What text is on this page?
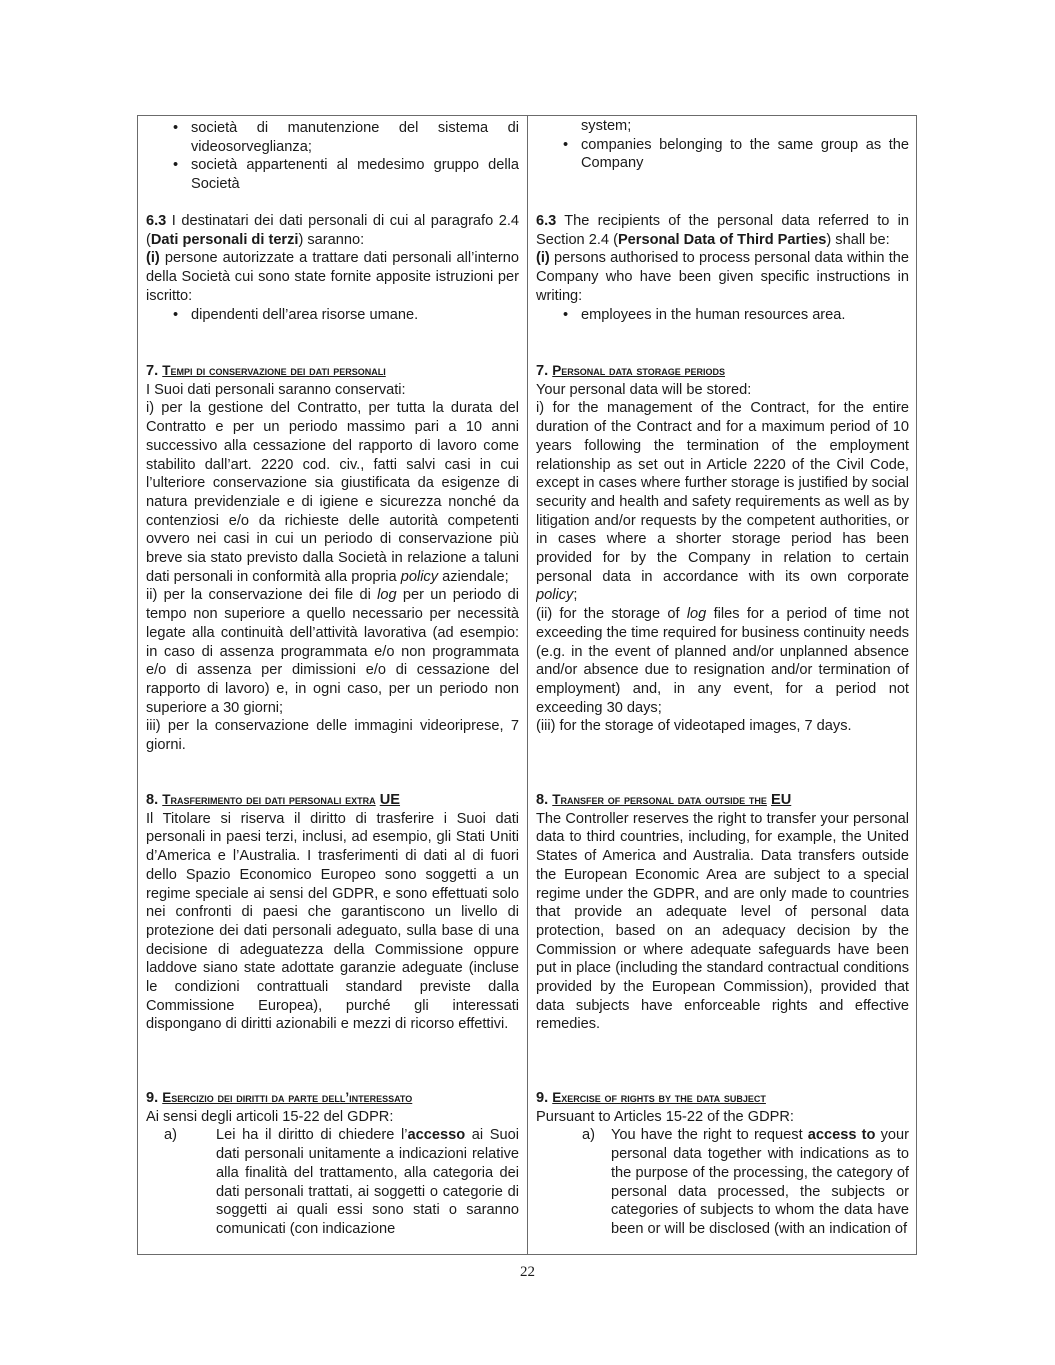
• società di manutenzione del sistema di videosorveglianza;
• società appartenenti al medesimo gruppo della Società

6.3 I destinatari dei dati personali di cui al paragrafo 2.4 (Dati personali di terzi) saranno:

(i) persone autorizzate a trattare dati personali all’interno della Società cui sono state fornite apposite istruzioni per iscritto:

• dipendenti dell’area risorse umane.

7. Tempi di conservazione dei dati personali

I Suoi dati personali saranno conservati:

i) per la gestione del Contratto, per tutta la durata del Contratto e per un periodo massimo pari a 10 anni successivo alla cessazione del rapporto di lavoro come stabilito dall’art. 2220 cod. civ., fatti salvi casi in cui l’ulteriore conservazione sia giustificata da esigenze di natura previdenziale e di igiene e sicurezza nonché da contenziosi e/o da richieste delle autorità competenti ovvero nei casi in cui un periodo di conservazione più breve sia stato previsto dalla Società in relazione a taluni dati personali in conformità alla propria policy aziendale;

ii) per la conservazione dei file di log per un periodo di tempo non superiore a quello necessario per necessità legate alla continuità dell’attività lavorativa (ad esempio: in caso di assenza programmata e/o non programmata e/o di assenza per dimissioni e/o di cessazione del rapporto di lavoro) e, in ogni caso, per un periodo non superiore a 30 giorni;

iii) per la conservazione delle immagini videoriprese, 7 giorni.

8. Trasferimento dei dati personali extra UE

Il Titolare si riserva il diritto di trasferire i Suoi dati personali in paesi terzi, inclusi, ad esempio, gli Stati Uniti d’America e l’Australia. I trasferimenti di dati al di fuori dello Spazio Economico Europeo sono soggetti a un regime speciale ai sensi del GDPR, e sono effettuati solo nei confronti di paesi che garantiscono un livello di protezione dei dati personali adeguato, sulla base di una decisione di adeguatezza della Commissione oppure laddove siano state adottate garanzie adeguate (incluse le condizioni contrattuali standard previste dalla Commissione Europea), purché gli interessati dispongano di diritti azionabili e mezzi di ricorso effettivi.

9. Esercizio dei diritti da parte dell’interessato

Ai sensi degli articoli 15-22 del GDPR:

a)	Lei ha il diritto di chiedere l’accesso ai Suoi dati personali unitamente a indicazioni relative alla finalità del trattamento, alla categoria dei dati personali trattati, ai soggetti o categorie di soggetti ai quali essi sono stati o saranno comunicati (con indicazione
system;
• companies belonging to the same group as the Company

6.3 The recipients of the personal data referred to in Section 2.4 (Personal Data of Third Parties) shall be:

(i) persons authorised to process personal data within the Company who have been given specific instructions in writing:

• employees in the human resources area.

7. Personal data storage periods

Your personal data will be stored:

i) for the management of the Contract, for the entire duration of the Contract and for a maximum period of 10 years following the termination of the employment relationship as set out in Article 2220 of the Civil Code, except in cases where further storage is justified by social security and health and safety requirements as well as by litigation and/or requests by the competent authorities, or in cases where a shorter storage period has been provided for by the Company in relation to certain personal data in accordance with its own corporate policy;

(ii) for the storage of log files for a period of time not exceeding the time required for business continuity needs (e.g. in the event of planned and/or unplanned absence and/or absence due to resignation and/or termination of employment) and, in any event, for a period not exceeding 30 days;

(iii) for the storage of videotaped images, 7 days.

8. Transfer of personal data outside the EU

The Controller reserves the right to transfer your personal data to third countries, including, for example, the United States of America and Australia. Data transfers outside the European Economic Area are subject to a special regime under the GDPR, and are only made to countries that provide an adequate level of personal data protection, based on an adequacy decision by the Commission or where adequate safeguards have been put in place (including the standard contractual conditions provided by the European Commission), provided that data subjects have enforceable rights and effective remedies.

9. Exercise of rights by the data subject

Pursuant to Articles 15-22 of the GDPR:

a)	You have the right to request access to your personal data together with indications as to the purpose of the processing, the category of personal data processed, the subjects or categories of subjects to whom the data have been or will be disclosed (with an indication of
22
